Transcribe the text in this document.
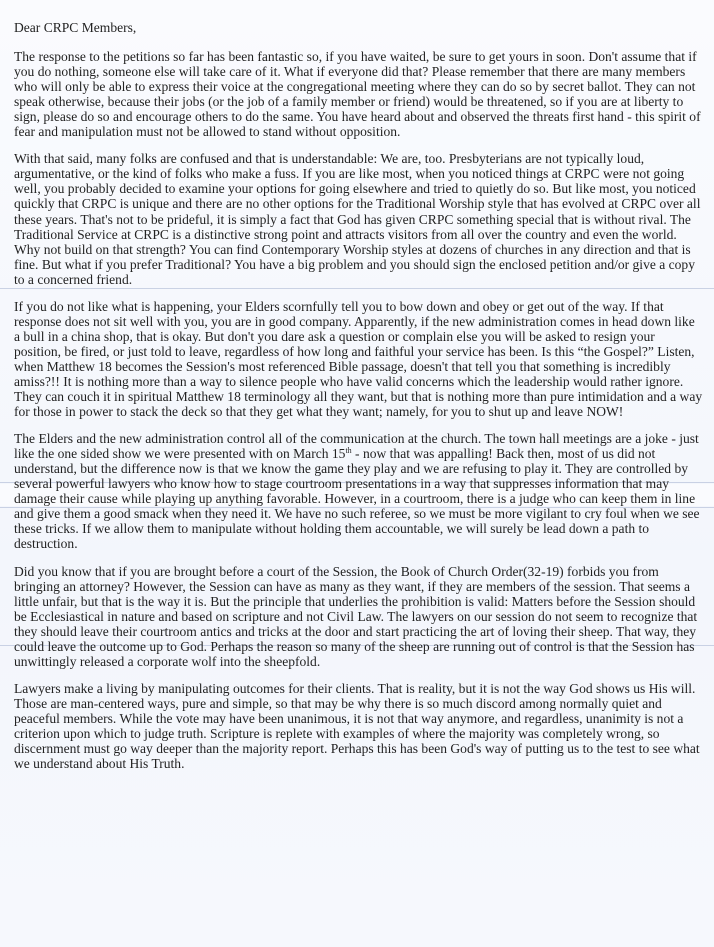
Dear CRPC Members,

The response to the petitions so far has been fantastic so, if you have waited, be sure to get yours in soon. Don't assume that if you do nothing, someone else will take care of it. What if everyone did that? Please remember that there are many members who will only be able to express their voice at the congregational meeting where they can do so by secret ballot. They can not speak otherwise, because their jobs (or the job of a family member or friend) would be threatened, so if you are at liberty to sign, please do so and encourage others to do the same. You have heard about and observed the threats first hand - this spirit of fear and manipulation must not be allowed to stand without opposition.

With that said, many folks are confused and that is understandable: We are, too. Presbyterians are not typically loud, argumentative, or the kind of folks who make a fuss. If you are like most, when you noticed things at CRPC were not going well, you probably decided to examine your options for going elsewhere and tried to quietly do so. But like most, you noticed quickly that CRPC is unique and there are no other options for the Traditional Worship style that has evolved at CRPC over all these years. That's not to be prideful, it is simply a fact that God has given CRPC something special that is without rival. The Traditional Service at CRPC is a distinctive strong point and attracts visitors from all over the country and even the world. Why not build on that strength? You can find Contemporary Worship styles at dozens of churches in any direction and that is fine. But what if you prefer Traditional? You have a big problem and you should sign the enclosed petition and/or give a copy to a concerned friend.

If you do not like what is happening, your Elders scornfully tell you to bow down and obey or get out of the way. If that response does not sit well with you, you are in good company. Apparently, if the new administration comes in head down like a bull in a china shop, that is okay. But don't you dare ask a question or complain else you will be asked to resign your position, be fired, or just told to leave, regardless of how long and faithful your service has been. Is this “the Gospel?” Listen, when Matthew 18 becomes the Session's most referenced Bible passage, doesn't that tell you that something is incredibly amiss?!! It is nothing more than a way to silence people who have valid concerns which the leadership would rather ignore. They can couch it in spiritual Matthew 18 terminology all they want, but that is nothing more than pure intimidation and a way for those in power to stack the deck so that they get what they want; namely, for you to shut up and leave NOW!

The Elders and the new administration control all of the communication at the church. The town hall meetings are a joke - just like the one sided show we were presented with on March 15th - now that was appalling! Back then, most of us did not understand, but the difference now is that we know the game they play and we are refusing to play it. They are controlled by several powerful lawyers who know how to stage courtroom presentations in a way that suppresses information that may damage their cause while playing up anything favorable. However, in a courtroom, there is a judge who can keep them in line and give them a good smack when they need it. We have no such referee, so we must be more vigilant to cry foul when we see these tricks. If we allow them to manipulate without holding them accountable, we will surely be lead down a path to destruction.

Did you know that if you are brought before a court of the Session, the Book of Church Order(32-19) forbids you from bringing an attorney? However, the Session can have as many as they want, if they are members of the session. That seems a little unfair, but that is the way it is. But the principle that underlies the prohibition is valid: Matters before the Session should be Ecclesiastical in nature and based on scripture and not Civil Law. The lawyers on our session do not seem to recognize that they should leave their courtroom antics and tricks at the door and start practicing the art of loving their sheep. That way, they could leave the outcome up to God. Perhaps the reason so many of the sheep are running out of control is that the Session has unwittingly released a corporate wolf into the sheepfold.

Lawyers make a living by manipulating outcomes for their clients. That is reality, but it is not the way God shows us His will. Those are man-centered ways, pure and simple, so that may be why there is so much discord among normally quiet and peaceful members. While the vote may have been unanimous, it is not that way anymore, and regardless, unanimity is not a criterion upon which to judge truth. Scripture is replete with examples of where the majority was completely wrong, so discernment must go way deeper than the majority report. Perhaps this has been God's way of putting us to the test to see what we understand about His Truth.
